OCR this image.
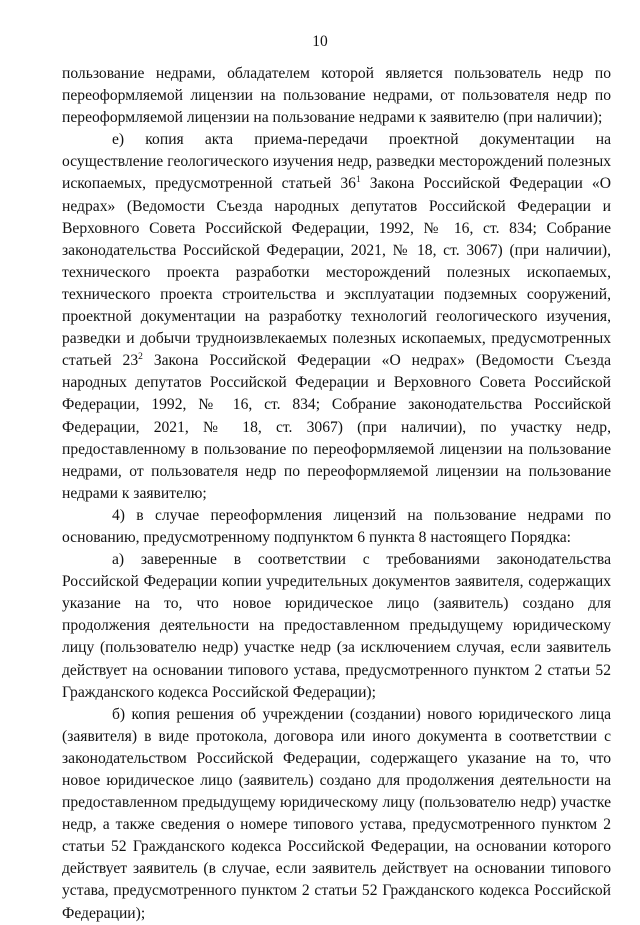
10

пользование недрами, обладателем которой является пользователь недр по переоформляемой лицензии на пользование недрами, от пользователя недр по переоформляемой лицензии на пользование недрами к заявителю (при наличии);

е) копия акта приема-передачи проектной документации на осуществление геологического изучения недр, разведки месторождений полезных ископаемых, предусмотренной статьей $36^1$ Закона Российской Федерации «О недрах» (Ведомости Съезда народных депутатов Российской Федерации и Верховного Совета Российской Федерации, 1992, № 16, ст. 834; Собрание законодательства Российской Федерации, 2021, № 18, ст. 3067) (при наличии), технического проекта разработки месторождений полезных ископаемых, технического проекта строительства и эксплуатации подземных сооружений, проектной документации на разработку технологий геологического изучения, разведки и добычи трудноизвлекаемых полезных ископаемых, предусмотренных статьей $23^2$ Закона Российской Федерации «О недрах» (Ведомости Съезда народных депутатов Российской Федерации и Верховного Совета Российской Федерации, 1992, № 16, ст. 834; Собрание законодательства Российской Федерации, 2021, № 18, ст. 3067) (при наличии), по участку недр, предоставленному в пользование по переоформляемой лицензии на пользование недрами, от пользователя недр по переоформляемой лицензии на пользование недрами к заявителю;

4) в случае переоформления лицензий на пользование недрами по основанию, предусмотренному подпунктом 6 пункта 8 настоящего Порядка:

а) заверенные в соответствии с требованиями законодательства Российской Федерации копии учредительных документов заявителя, содержащих указание на то, что новое юридическое лицо (заявитель) создано для продолжения деятельности на предоставленном предыдущему юридическому лицу (пользователю недр) участке недр (за исключением случая, если заявитель действует на основании типового устава, предусмотренного пунктом 2 статьи 52 Гражданского кодекса Российской Федерации);

б) копия решения об учреждении (создании) нового юридического лица (заявителя) в виде протокола, договора или иного документа в соответствии с законодательством Российской Федерации, содержащего указание на то, что новое юридическое лицо (заявитель) создано для продолжения деятельности на предоставленном предыдущему юридическому лицу (пользователю недр) участке недр, а также сведения о номере типового устава, предусмотренного пунктом 2 статьи 52 Гражданского кодекса Российской Федерации, на основании которого действует заявитель (в случае, если заявитель действует на основании типового устава, предусмотренного пунктом 2 статьи 52 Гражданского кодекса Российской Федерации);
